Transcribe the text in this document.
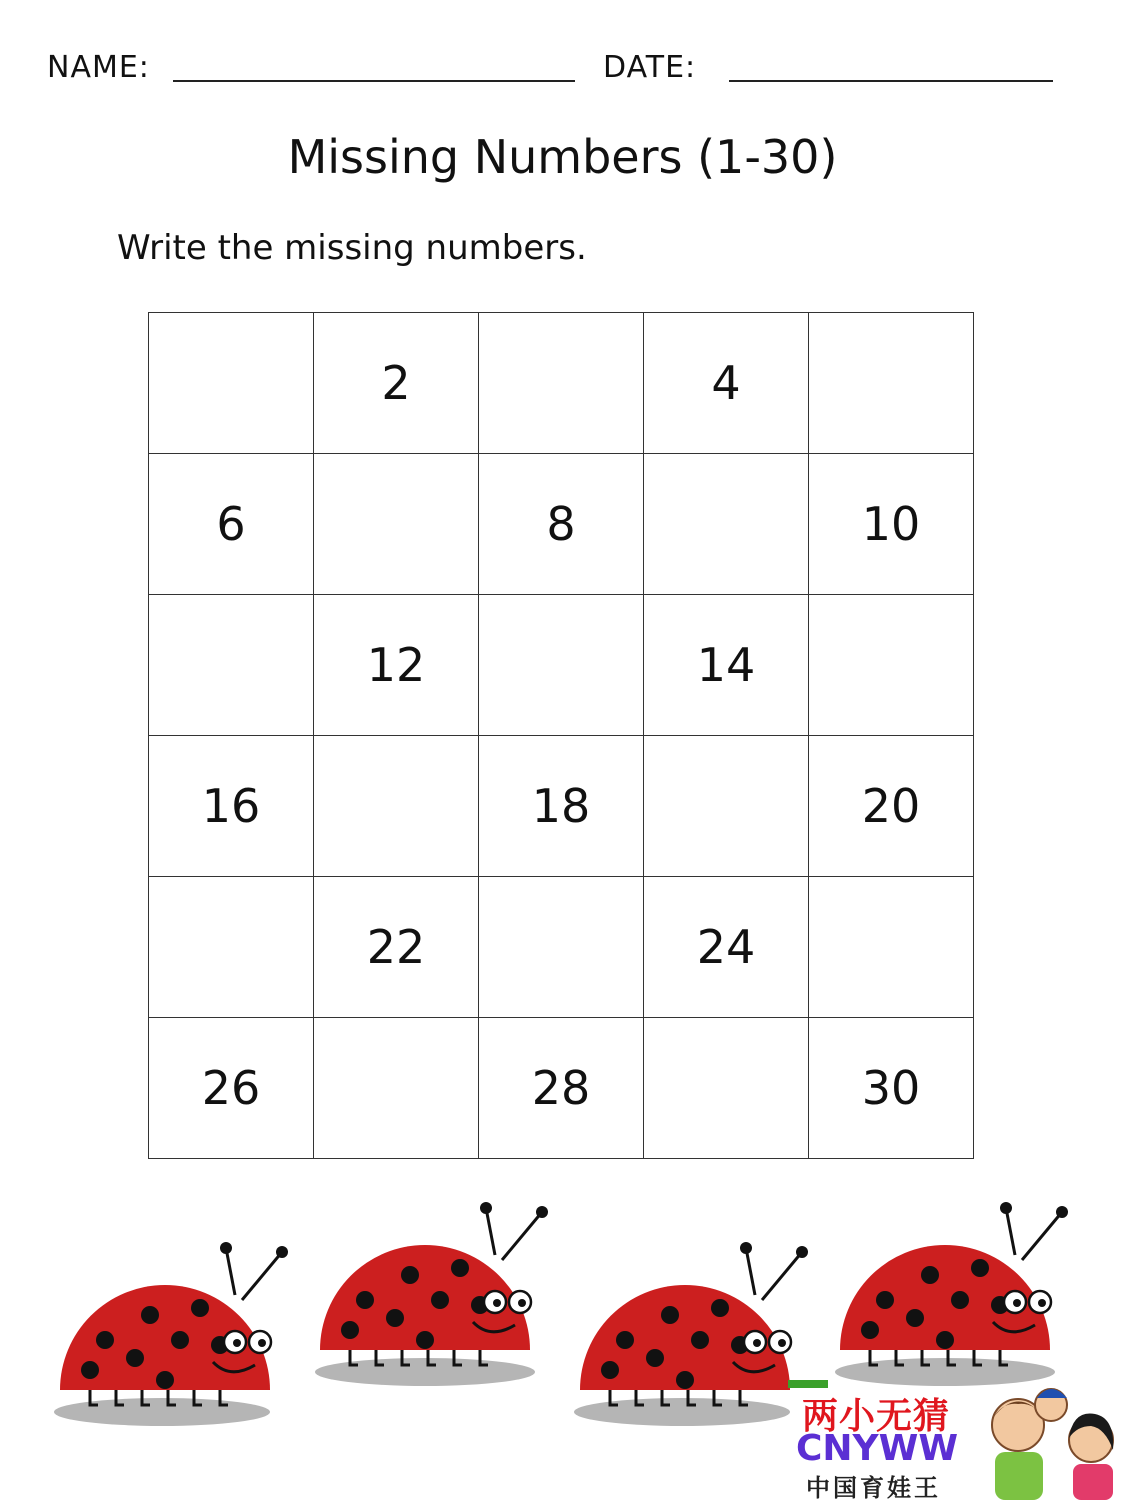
NAME:	DATE:
Missing Numbers (1-30)
Write the missing numbers.
	2		4	
6		8		10
	12		14	
16		18		20
	22		24	
26		28		30
两小无猜
CNYWW
中国育娃王
